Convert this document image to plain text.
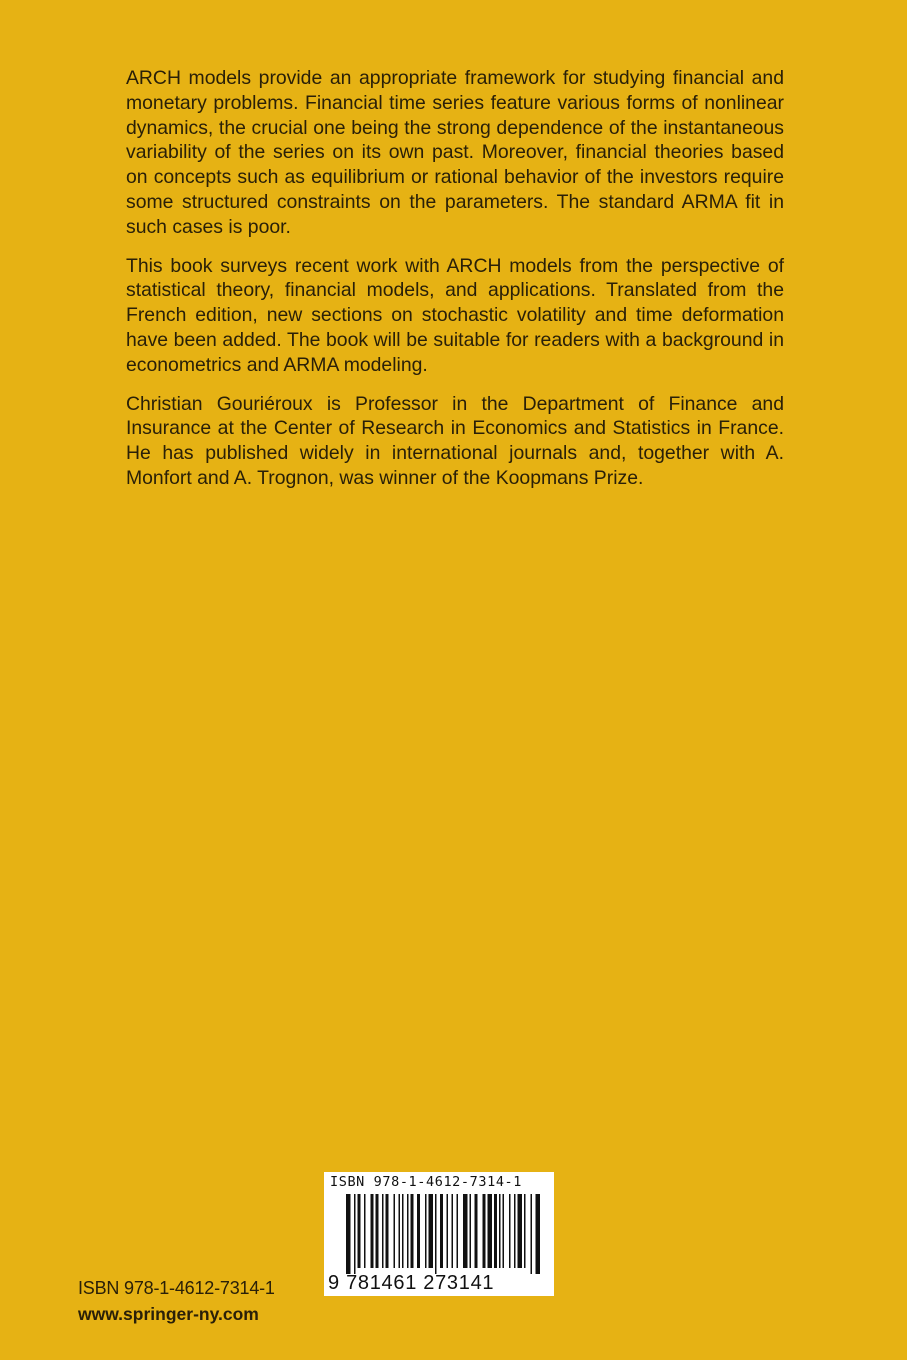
ARCH models provide an appropriate framework for studying financial and monetary problems. Financial time series feature various forms of nonlinear dynamics, the crucial one being the strong dependence of the instantaneous variability of the series on its own past. Moreover, financial theories based on concepts such as equilibrium or rational behavior of the investors require some structured constraints on the parameters. The standard ARMA fit in such cases is poor.

This book surveys recent work with ARCH models from the perspective of statistical theory, financial models, and applications. Translated from the French edition, new sections on stochastic volatility and time deformation have been added. The book will be suitable for readers with a background in econometrics and ARMA modeling.

Christian Gouriéroux is Professor in the Department of Finance and Insurance at the Center of Research in Economics and Statistics in France. He has published widely in international journals and, together with A. Monfort and A. Trognon, was winner of the Koopmans Prize.

ISBN 978-1-4612-7314-1
9 781461 273141
ISBN 978-1-4612-7314-1
www.springer-ny.com
